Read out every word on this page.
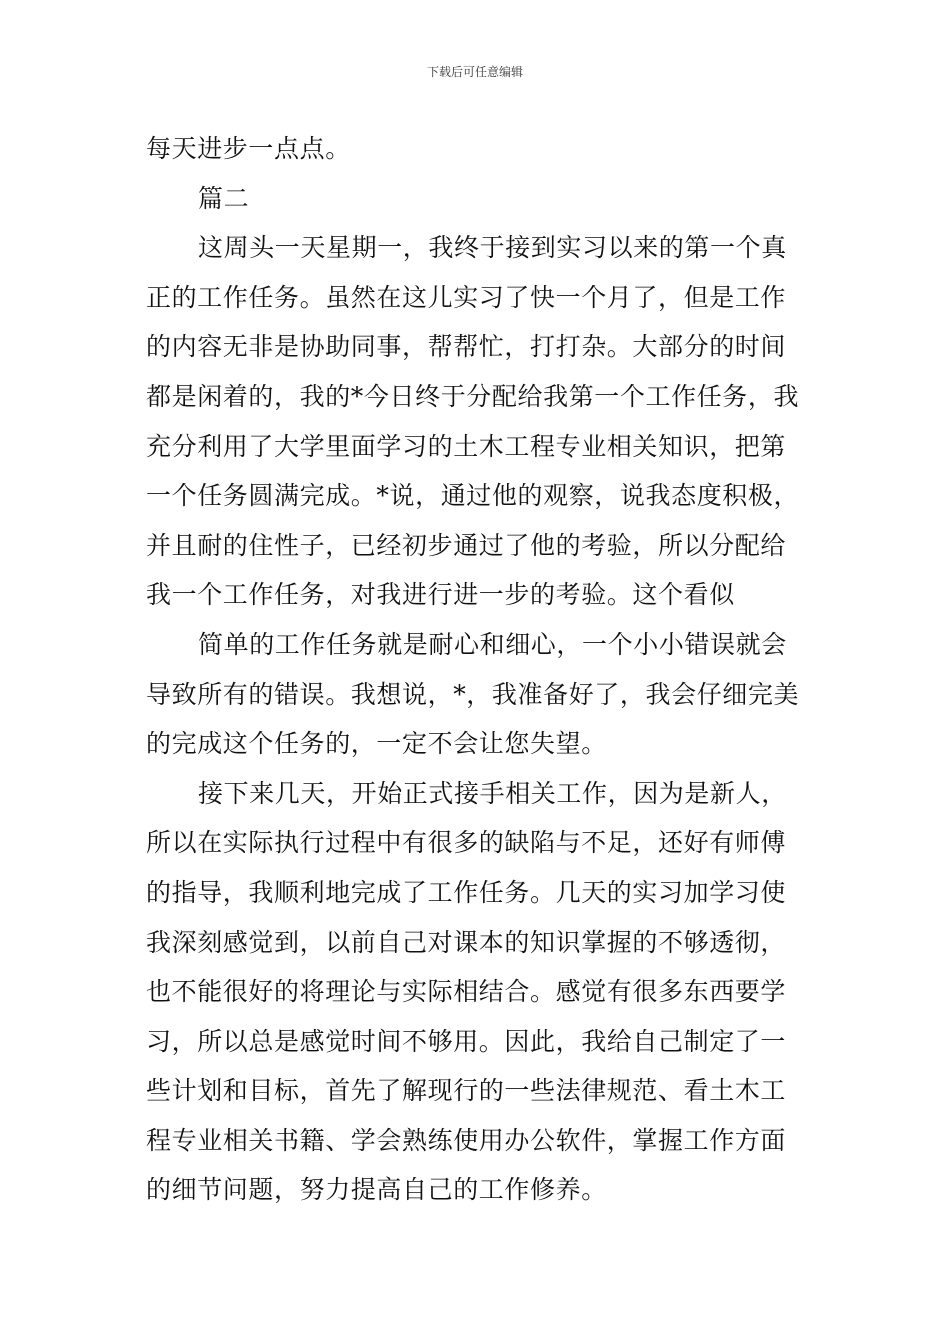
下载后可任意编辑
每天进步一点点。
篇二
这周头一天星期一，我终于接到实习以来的第一个真
正的工作任务。虽然在这儿实习了快一个月了，但是工作
的内容无非是协助同事，帮帮忙，打打杂。大部分的时间
都是闲着的，我的*今日终于分配给我第一个工作任务，我
充分利用了大学里面学习的土木工程专业相关知识，把第
一个任务圆满完成。*说，通过他的观察，说我态度积极，
并且耐的住性子，已经初步通过了他的考验，所以分配给
我一个工作任务，对我进行进一步的考验。这个看似
简单的工作任务就是耐心和细心，一个小小错误就会
导致所有的错误。我想说，*，我准备好了，我会仔细完美
的完成这个任务的，一定不会让您失望。
接下来几天，开始正式接手相关工作，因为是新人，
所以在实际执行过程中有很多的缺陷与不足，还好有师傅
的指导，我顺利地完成了工作任务。几天的实习加学习使
我深刻感觉到，以前自己对课本的知识掌握的不够透彻，
也不能很好的将理论与实际相结合。感觉有很多东西要学
习，所以总是感觉时间不够用。因此，我给自己制定了一
些计划和目标，首先了解现行的一些法律规范、看土木工
程专业相关书籍、学会熟练使用办公软件，掌握工作方面
的细节问题，努力提高自己的工作修养。
